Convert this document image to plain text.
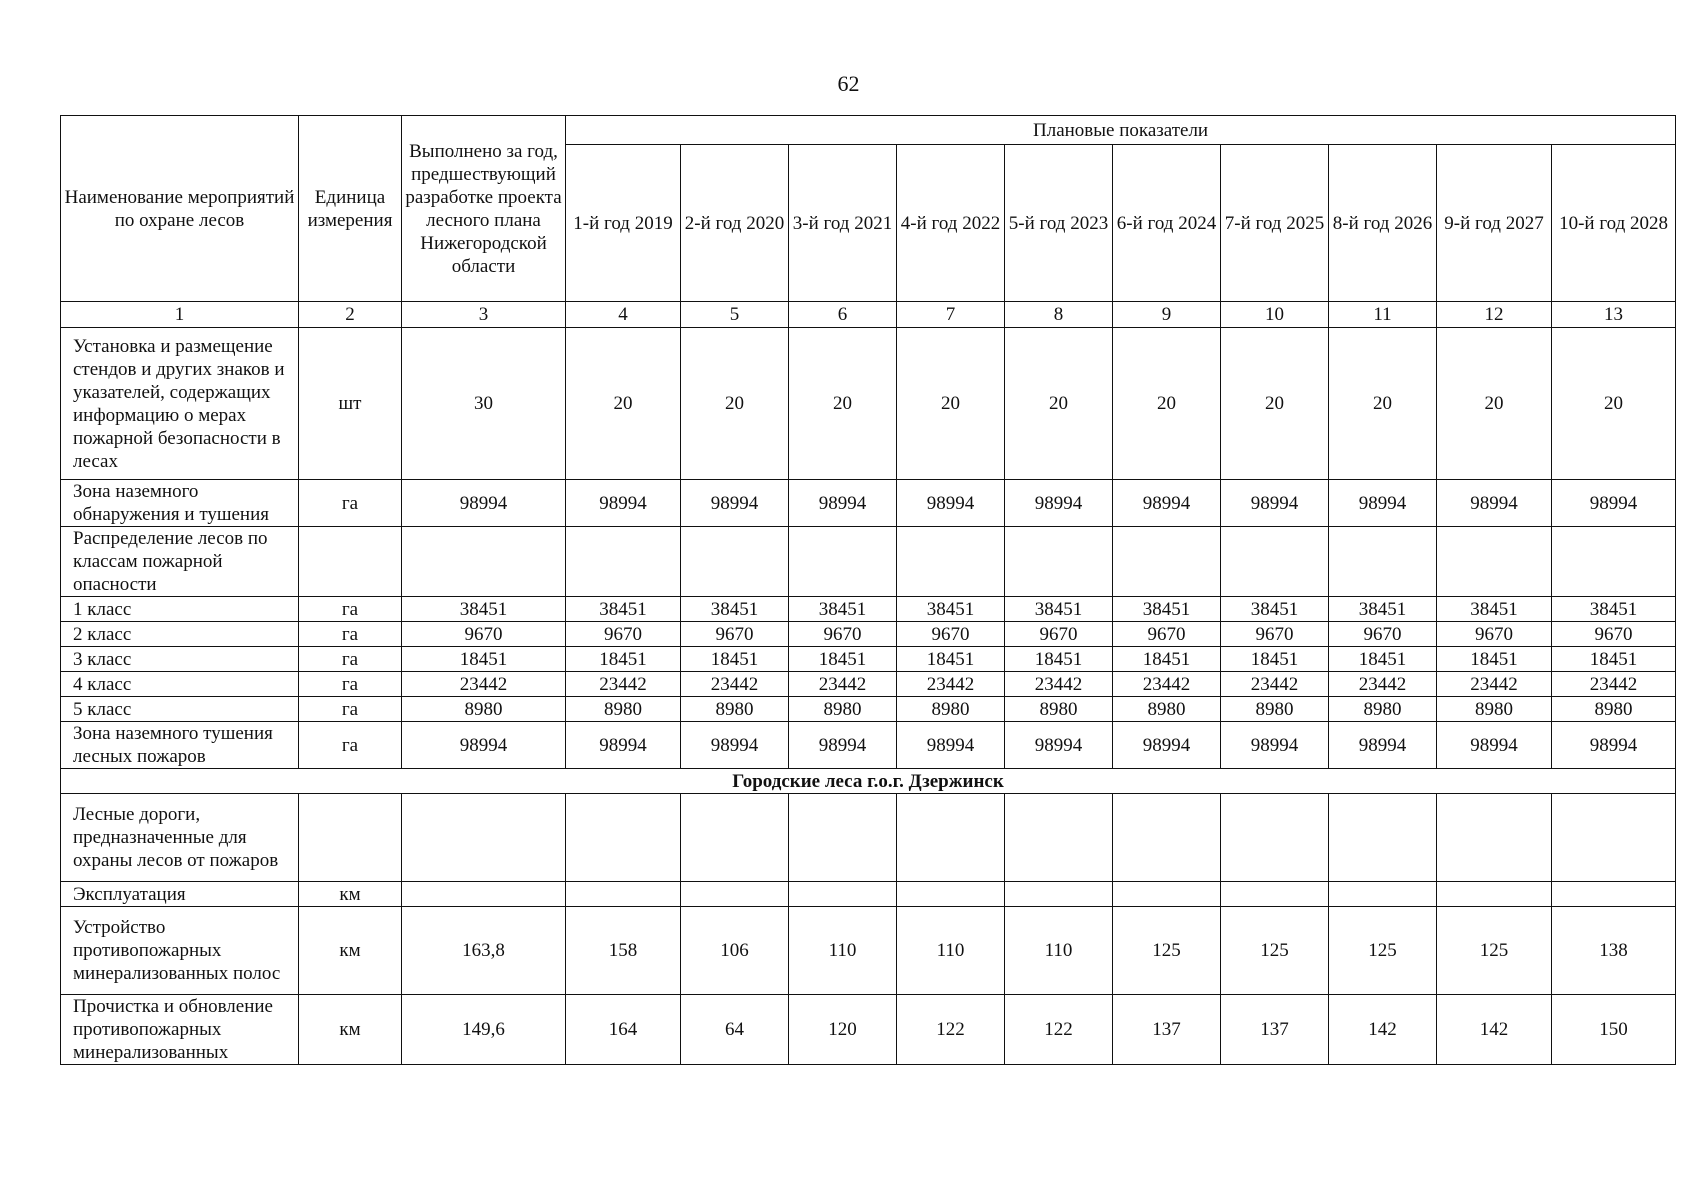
62
Наименование мероприятий по охране лесов	Единица измерения	Выполнено за год, предшествующий разработке проекта лесного плана Нижегородской области	Плановые показатели									
			1-й год 2019	2-й год 2020	3-й год 2021	4-й год 2022	5-й год 2023	6-й год 2024	7-й год 2025	8-й год 2026	9-й год 2027	10-й год 2028
1	2	3	4	5	6	7	8	9	10	11	12	13
Установка и размещение стендов и других знаков и указателей, содержащих информацию о мерах пожарной безопасности в лесах	шт	30	20	20	20	20	20	20	20	20	20	20
Зона наземного обнаружения и тушения	га	98994	98994	98994	98994	98994	98994	98994	98994	98994	98994	98994
Распределение лесов по классам пожарной опасности												
1 класс	га	38451	38451	38451	38451	38451	38451	38451	38451	38451	38451	38451
2 класс	га	9670	9670	9670	9670	9670	9670	9670	9670	9670	9670	9670
3 класс	га	18451	18451	18451	18451	18451	18451	18451	18451	18451	18451	18451
4 класс	га	23442	23442	23442	23442	23442	23442	23442	23442	23442	23442	23442
5 класс	га	8980	8980	8980	8980	8980	8980	8980	8980	8980	8980	8980
Зона наземного тушения лесных пожаров	га	98994	98994	98994	98994	98994	98994	98994	98994	98994	98994	98994
Городские леса г.о.г. Дзержинск												
Лесные дороги, предназначенные для охраны лесов от пожаров												
Эксплуатация	км											
Устройство противопожарных минерализованных полос	км	163,8	158	106	110	110	110	125	125	125	125	138
Прочистка и обновление противопожарных минерализованных	км	149,6	164	64	120	122	122	137	137	142	142	150
